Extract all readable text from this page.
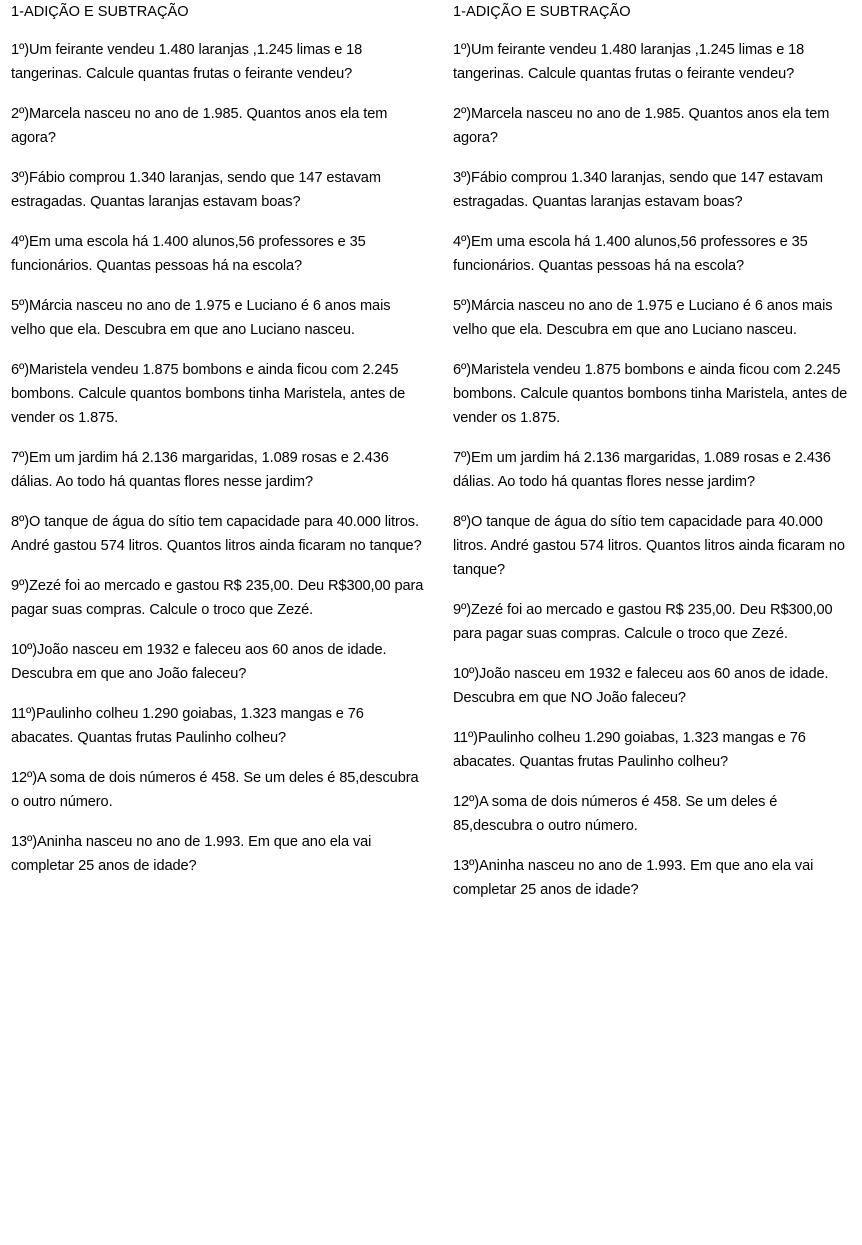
1-ADIÇÃO E SUBTRAÇÃO
1º)Um feirante vendeu 1.480 laranjas ,1.245 limas e 18 tangerinas. Calcule quantas frutas o feirante vendeu?
2º)Marcela nasceu no ano de 1.985. Quantos anos ela tem agora?
3º)Fábio comprou 1.340 laranjas, sendo que 147 estavam estragadas. Quantas laranjas estavam boas?
4º)Em uma escola há 1.400 alunos,56 professores e 35 funcionários. Quantas pessoas há na escola?
5º)Márcia nasceu no ano de 1.975 e Luciano é 6 anos mais velho que ela. Descubra em que ano Luciano nasceu.
6º)Maristela vendeu 1.875 bombons e ainda ficou com 2.245 bombons. Calcule quantos bombons tinha Maristela, antes de vender os 1.875.
7º)Em um jardim há 2.136 margaridas, 1.089 rosas e 2.436 dálias. Ao todo há quantas flores nesse jardim?
8º)O tanque de água do sítio tem capacidade para 40.000 litros. André gastou 574 litros. Quantos litros ainda ficaram no tanque?
9º)Zezé foi ao mercado e gastou R$ 235,00. Deu R$300,00 para pagar suas compras. Calcule o troco que Zezé.
10º)João nasceu em 1932 e faleceu aos 60 anos de idade. Descubra em que ano João faleceu?
11º)Paulinho colheu 1.290 goiabas, 1.323 mangas e 76 abacates. Quantas frutas Paulinho colheu?
12º)A soma de dois números é 458. Se um deles é 85,descubra o outro número.
13º)Aninha nasceu no ano de 1.993. Em que ano ela vai completar 25 anos de idade?
1-ADIÇÃO E SUBTRAÇÃO
1º)Um feirante vendeu 1.480 laranjas ,1.245 limas e 18 tangerinas. Calcule quantas frutas o feirante vendeu?
2º)Marcela nasceu no ano de 1.985. Quantos anos ela tem agora?
3º)Fábio comprou 1.340 laranjas, sendo que 147 estavam estragadas. Quantas laranjas estavam boas?
4º)Em uma escola há 1.400 alunos,56 professores e 35 funcionários. Quantas pessoas há na escola?
5º)Márcia nasceu no ano de 1.975 e Luciano é 6 anos mais velho que ela. Descubra em que ano Luciano nasceu.
6º)Maristela vendeu 1.875 bombons e ainda ficou com 2.245 bombons. Calcule quantos bombons tinha Maristela, antes de vender os 1.875.
7º)Em um jardim há 2.136 margaridas, 1.089 rosas e 2.436 dálias. Ao todo há quantas flores nesse jardim?
8º)O tanque de água do sítio tem capacidade para 40.000 litros. André gastou 574 litros. Quantos litros ainda ficaram no tanque?
9º)Zezé foi ao mercado e gastou R$ 235,00. Deu R$300,00 para pagar suas compras. Calcule o troco que Zezé.
10º)João nasceu em 1932 e faleceu aos 60 anos de idade. Descubra em que NO João faleceu?
11º)Paulinho colheu 1.290 goiabas, 1.323 mangas e 76 abacates. Quantas frutas Paulinho colheu?
12º)A soma de dois números é 458. Se um deles é 85,descubra o outro número.
13º)Aninha nasceu no ano de 1.993. Em que ano ela vai completar 25 anos de idade?
